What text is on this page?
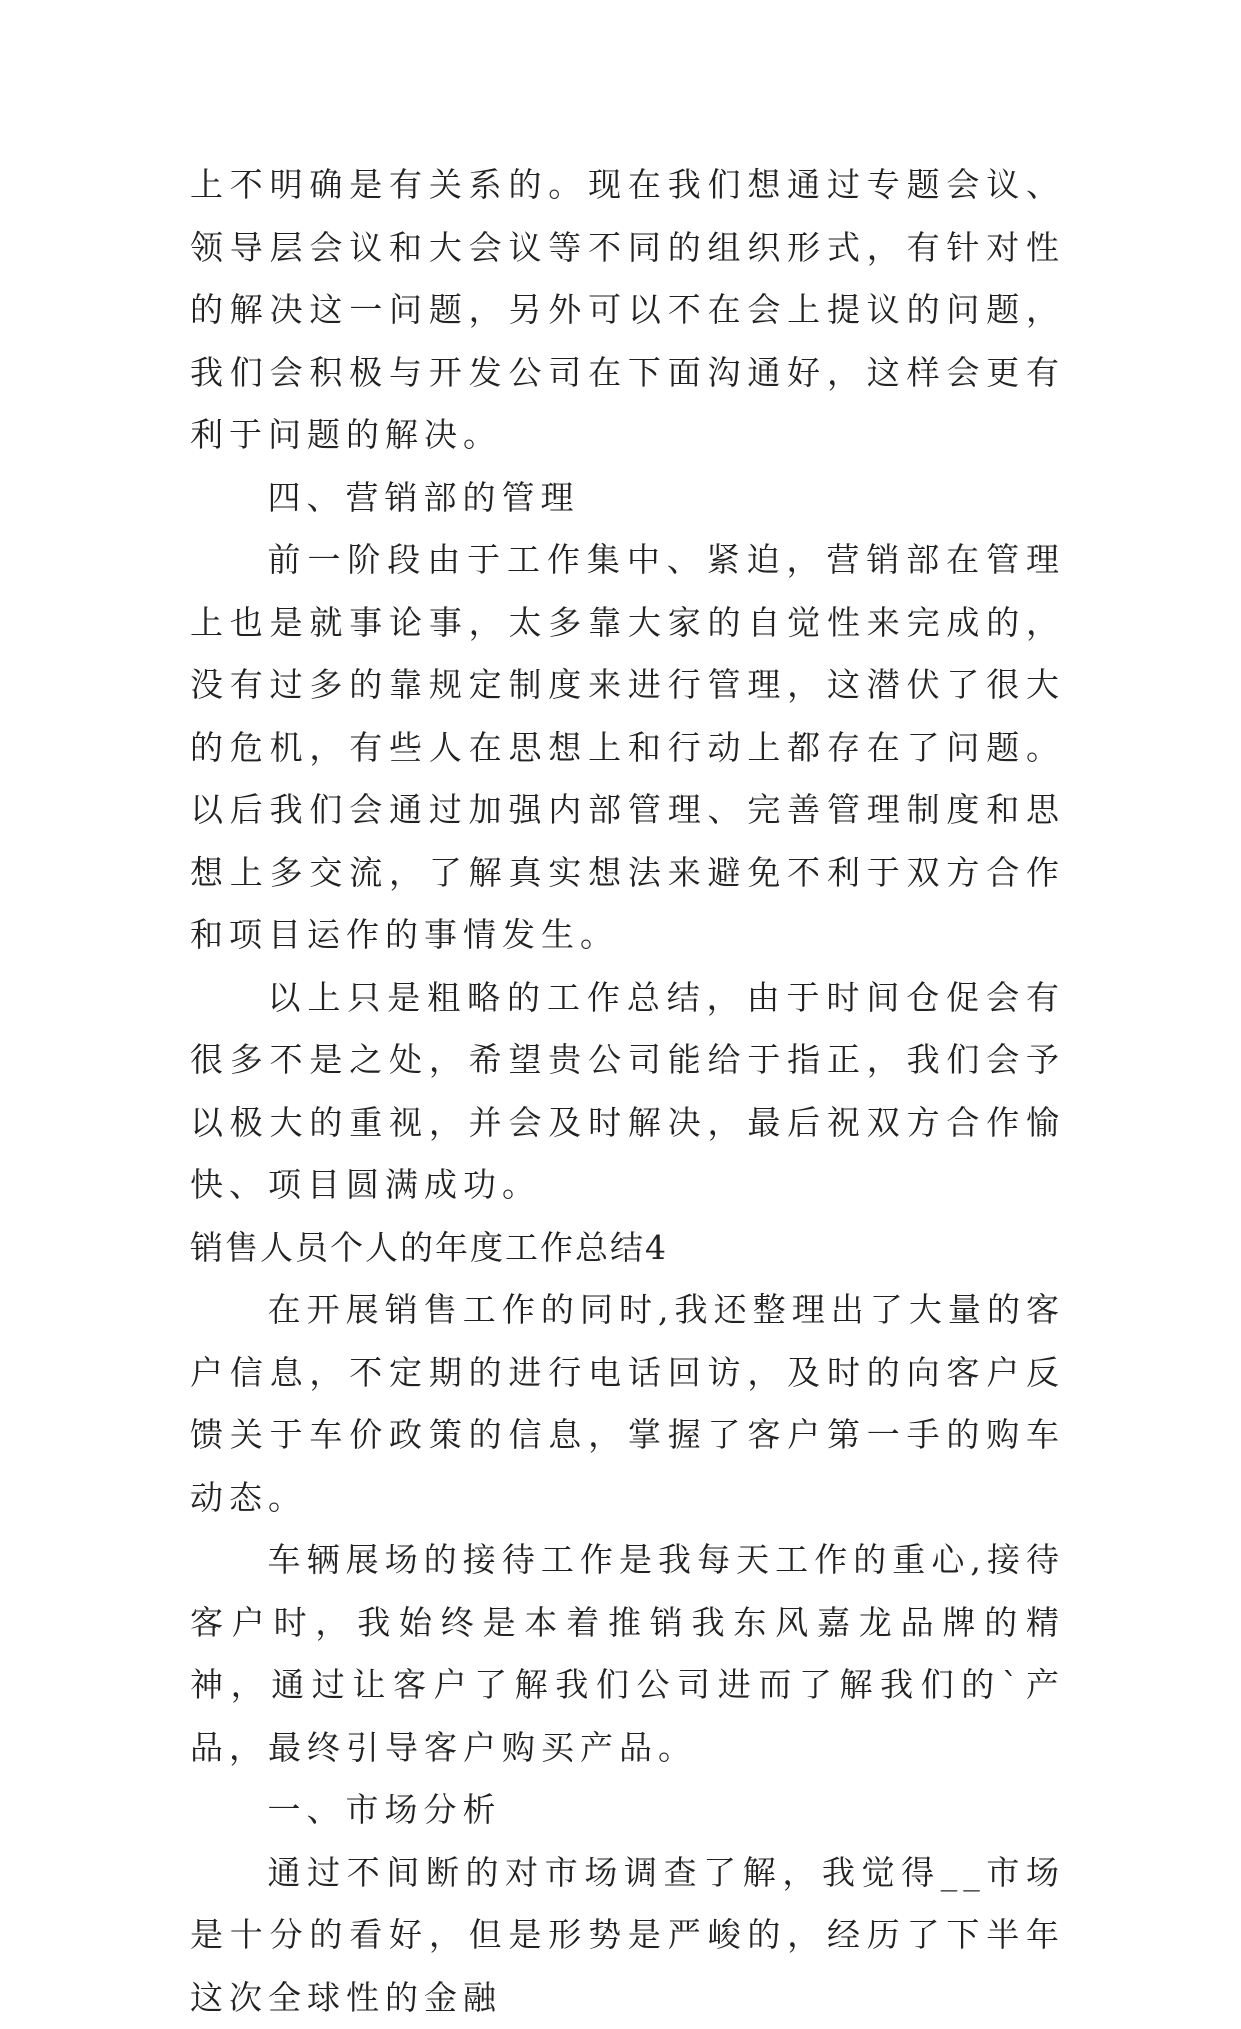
上不明确是有关系的。现在我们想通过专题会议、领导层会议和大会议等不同的组织形式，有针对性的解决这一问题，另外可以不在会上提议的问题，我们会积极与开发公司在下面沟通好，这样会更有利于问题的解决。

四、营销部的管理

前一阶段由于工作集中、紧迫，营销部在管理上也是就事论事，太多靠大家的自觉性来完成的，没有过多的靠规定制度来进行管理，这潜伏了很大的危机，有些人在思想上和行动上都存在了问题。以后我们会通过加强内部管理、完善管理制度和思想上多交流，了解真实想法来避免不利于双方合作和项目运作的事情发生。

以上只是粗略的工作总结，由于时间仓促会有很多不是之处，希望贵公司能给于指正，我们会予以极大的重视，并会及时解决，最后祝双方合作愉快、项目圆满成功。

销售人员个人的年度工作总结4

在开展销售工作的同时,我还整理出了大量的客户信息，不定期的进行电话回访，及时的向客户反馈关于车价政策的信息，掌握了客户第一手的购车动态。

车辆展场的接待工作是我每天工作的重心,接待客户时，我始终是本着推销我东风嘉龙品牌的精神，通过让客户了解我们公司进而了解我们的`产品，最终引导客户购买产品。

一、市场分析

通过不间断的对市场调查了解，我觉得__市场是十分的看好，但是形势是严峻的，经历了下半年这次全球性的金融
